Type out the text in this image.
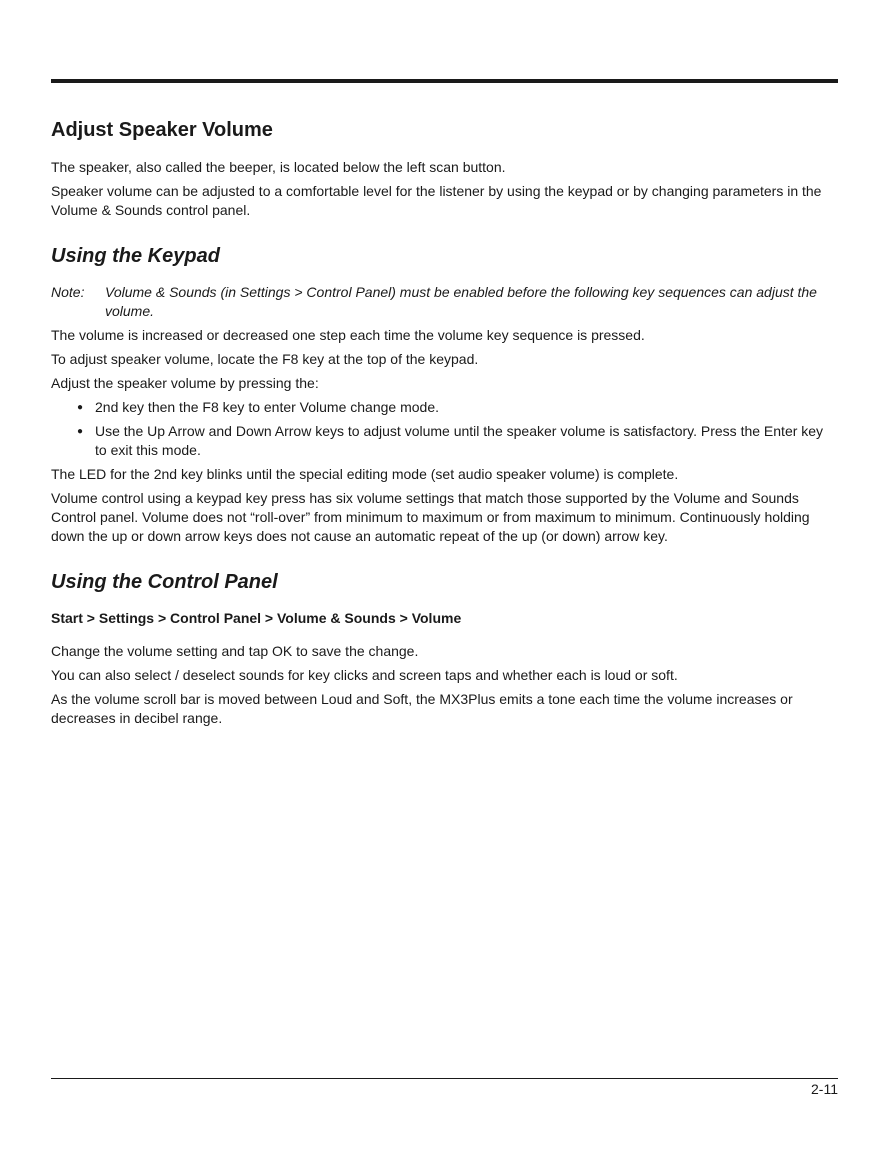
Adjust Speaker Volume

The speaker, also called the beeper, is located below the left scan button.

Speaker volume can be adjusted to a comfortable level for the listener by using the keypad or by changing parameters in the Volume & Sounds control panel.

Using the Keypad

Note:	Volume & Sounds (in Settings > Control Panel) must be enabled before the following key sequences can adjust the volume.

The volume is increased or decreased one step each time the volume key sequence is pressed.

To adjust speaker volume, locate the F8 key at the top of the keypad.

Adjust the speaker volume by pressing the:

● 2nd key then the F8 key to enter Volume change mode.
● Use the Up Arrow and Down Arrow keys to adjust volume until the speaker volume is satisfactory. Press the Enter key to exit this mode.

The LED for the 2nd key blinks until the special editing mode (set audio speaker volume) is complete.

Volume control using a keypad key press has six volume settings that match those supported by the Volume and Sounds Control panel. Volume does not “roll-over” from minimum to maximum or from maximum to minimum. Continuously holding down the up or down arrow keys does not cause an automatic repeat of the up (or down) arrow key.

Using the Control Panel

Start > Settings > Control Panel > Volume & Sounds > Volume

Change the volume setting and tap OK to save the change.

You can also select / deselect sounds for key clicks and screen taps and whether each is loud or soft.

As the volume scroll bar is moved between Loud and Soft, the MX3Plus emits a tone each time the volume increases or decreases in decibel range.

2-11
